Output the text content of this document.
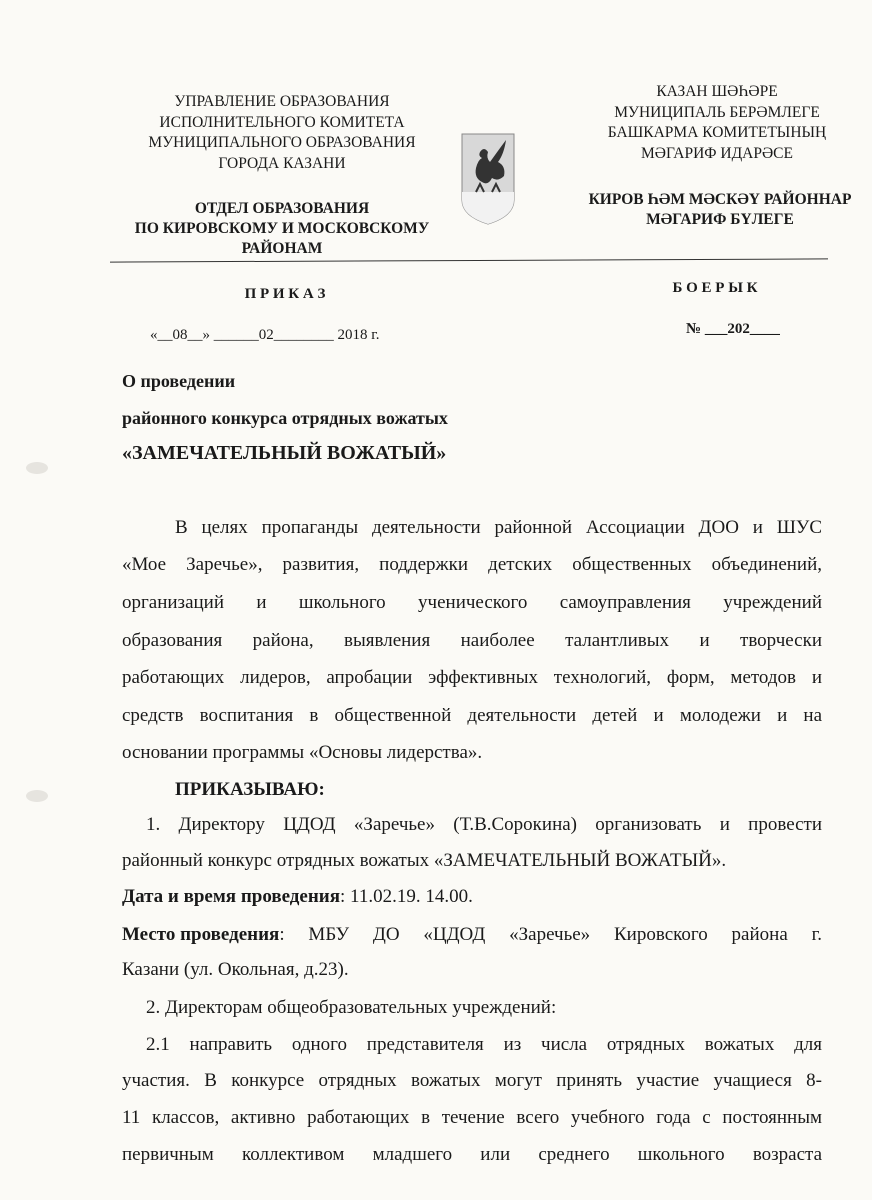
УПРАВЛЕНИЕ ОБРАЗОВАНИЯ
ИСПОЛНИТЕЛЬНОГО КОМИТЕТА
МУНИЦИПАЛЬНОГО ОБРАЗОВАНИЯ
ГОРОДА КАЗАНИ
ОТДЕЛ ОБРАЗОВАНИЯ
ПО КИРОВСКОМУ И МОСКОВСКОМУ
РАЙОНАМ
КАЗАН ШӘҺӘРЕ
МУНИЦИПАЛЬ БЕРӘМЛЕГЕ
БАШКАРМА КОМИТЕТЫНЫҢ
МӘГАРИФ ИДАРӘСЕ
КИРОВ ҺӘМ МӘСКӘҮ РАЙОННАР
МӘГАРИФ БҮЛЕГЕ
П Р И К А З	Б О Е Р Ы К
«__08__» ______02________ 2018 г.	№ ___202____
О проведении
районного конкурса отрядных вожатых
«ЗАМЕЧАТЕЛЬНЫЙ ВОЖАТЫЙ»
В целях пропаганды деятельности районной Ассоциации ДОО и ШУС
«Мое Заречье», развития, поддержки детских общественных объединений,
организаций и школьного ученического самоуправления учреждений
образования района, выявления наиболее талантливых и творчески
работающих лидеров, апробации эффективных технологий, форм, методов и
средств воспитания в общественной деятельности детей и молодежи и на
основании программы «Основы лидерства».
ПРИКАЗЫВАЮ:
1. Директору ЦДОД «Заречье» (Т.В.Сорокина) организовать и провести
районный конкурс отрядных вожатых «ЗАМЕЧАТЕЛЬНЫЙ ВОЖАТЫЙ».
Дата и время проведения: 11.02.19. 14.00.
Место проведения : МБУ ДО «ЦДОД «Заречье» Кировского района г.
Казани (ул. Окольная, д.23).
2. Директорам общеобразовательных учреждений:
2.1 направить одного представителя из числа отрядных вожатых для
участия. В конкурсе отрядных вожатых могут принять участие учащиеся 8-
11 классов, активно работающих в течение всего учебного года с постоянным
первичным коллективом младшего или среднего школьного возраста
